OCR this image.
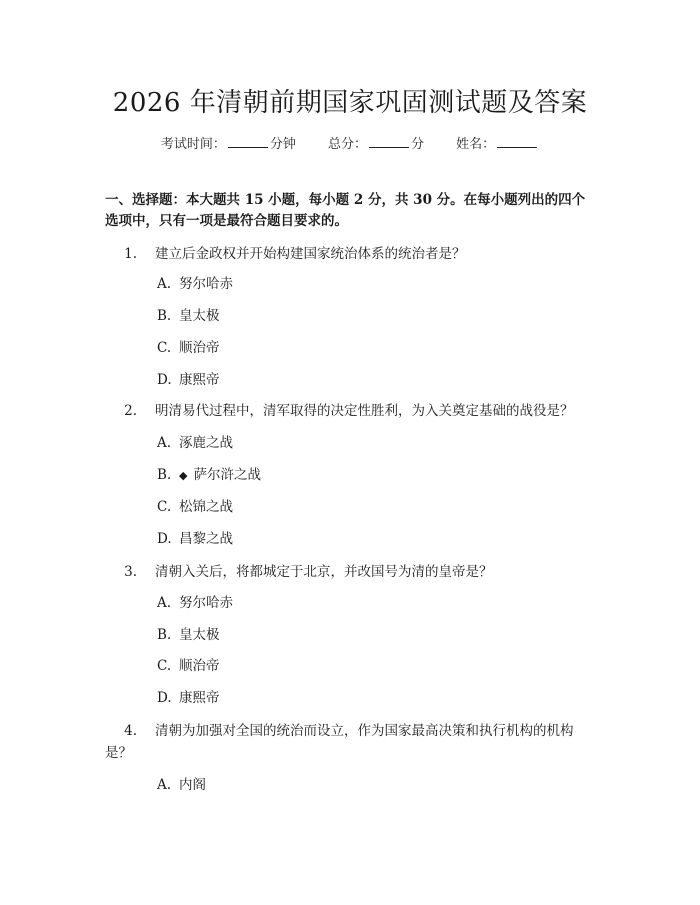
2026 年清朝前期国家巩固测试题及答案
考试时间：	分钟 总分：	分 姓名：
一、选择题：本大题共 15 小题，每小题 2 分，共 30 分。在每小题列出的四个选项中，只有一项是最符合题目要求的。
1. 建立后金政权并开始构建国家统治体系的统治者是？
A. 努尔哈赤
B. 皇太极
C. 顺治帝
D. 康熙帝
2. 明清易代过程中，清军取得的决定性胜利，为入关奠定基础的战役是？
A. 涿鹿之战
B. ◆ 萨尔浒之战
C. 松锦之战
D. 昌黎之战
3. 清朝入关后，将都城定于北京，并改国号为清的皇帝是？
A. 努尔哈赤
B. 皇太极
C. 顺治帝
D. 康熙帝
4. 清朝为加强对全国的统治而设立，作为国家最高决策和执行机构的机构
是？
A. 内阁
